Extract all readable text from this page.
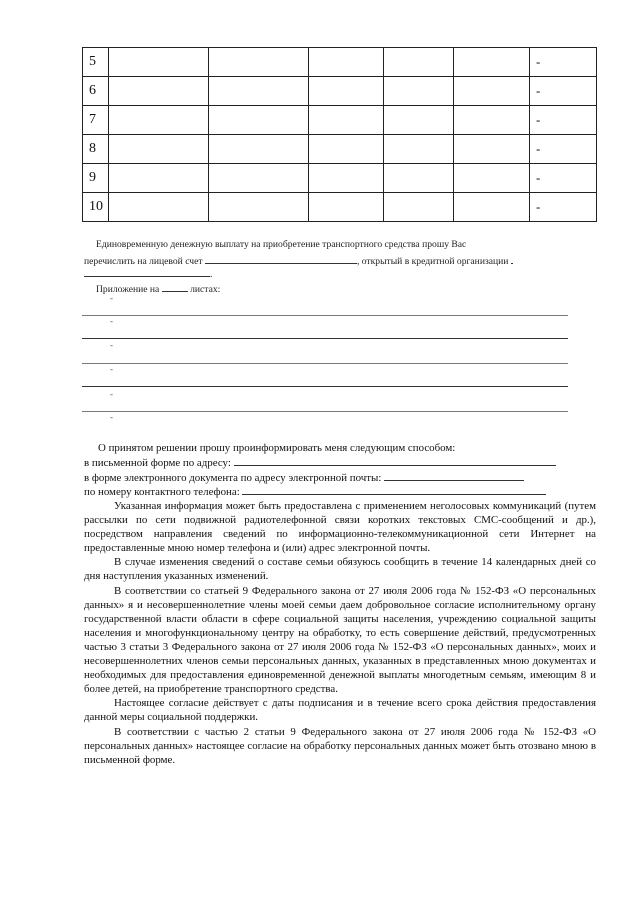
5						-
6						-
7						-
8						-
9						-
10						-
Единовременную денежную выплату на приобретение транспортного средства прошу Вас
перечислить на лицевой счет	, открытый в кредитной организации
.
Приложение на	листах:
-
-
-
-
-
-
О принятом решении прошу проинформировать меня следующим способом:
в письменной форме по адресу:
в форме электронного документа по адресу электронной почты:
по номеру контактного телефона:

Указанная информация может быть предоставлена с применением неголосовых коммуникаций (путем рассылки по сети подвижной радиотелефонной связи коротких текстовых СМС-сообщений и др.), посредством направления сведений по информационно-телекоммуникационной сети Интернет на предоставленные мною номер телефона и (или) адрес электронной почты.

В случае изменения сведений о составе семьи обязуюсь сообщить в течение 14 календарных дней со дня наступления указанных изменений.

В соответствии со статьей 9 Федерального закона от 27 июля 2006 года № 152-ФЗ «О персональных данных» я и несовершеннолетние члены моей семьи даем добровольное согласие исполнительному органу государственной власти области в сфере социальной защиты населения, учреждению социальной защиты населения и многофункциональному центру на обработку, то есть совершение действий, предусмотренных частью 3 статьи 3 Федерального закона от 27 июля 2006 года № 152-ФЗ «О персональных данных», моих и несовершеннолетних членов семьи персональных данных, указанных в представленных мною документах и необходимых для предоставления единовременной денежной выплаты многодетным семьям, имеющим 8 и более детей, на приобретение транспортного средства.

Настоящее согласие действует с даты подписания и в течение всего срока действия предоставления данной меры социальной поддержки.

В соответствии с частью 2 статьи 9 Федерального закона от 27 июля 2006 года № 152-ФЗ «О персональных данных» настоящее согласие на обработку персональных данных может быть отозвано мною в письменной форме.
